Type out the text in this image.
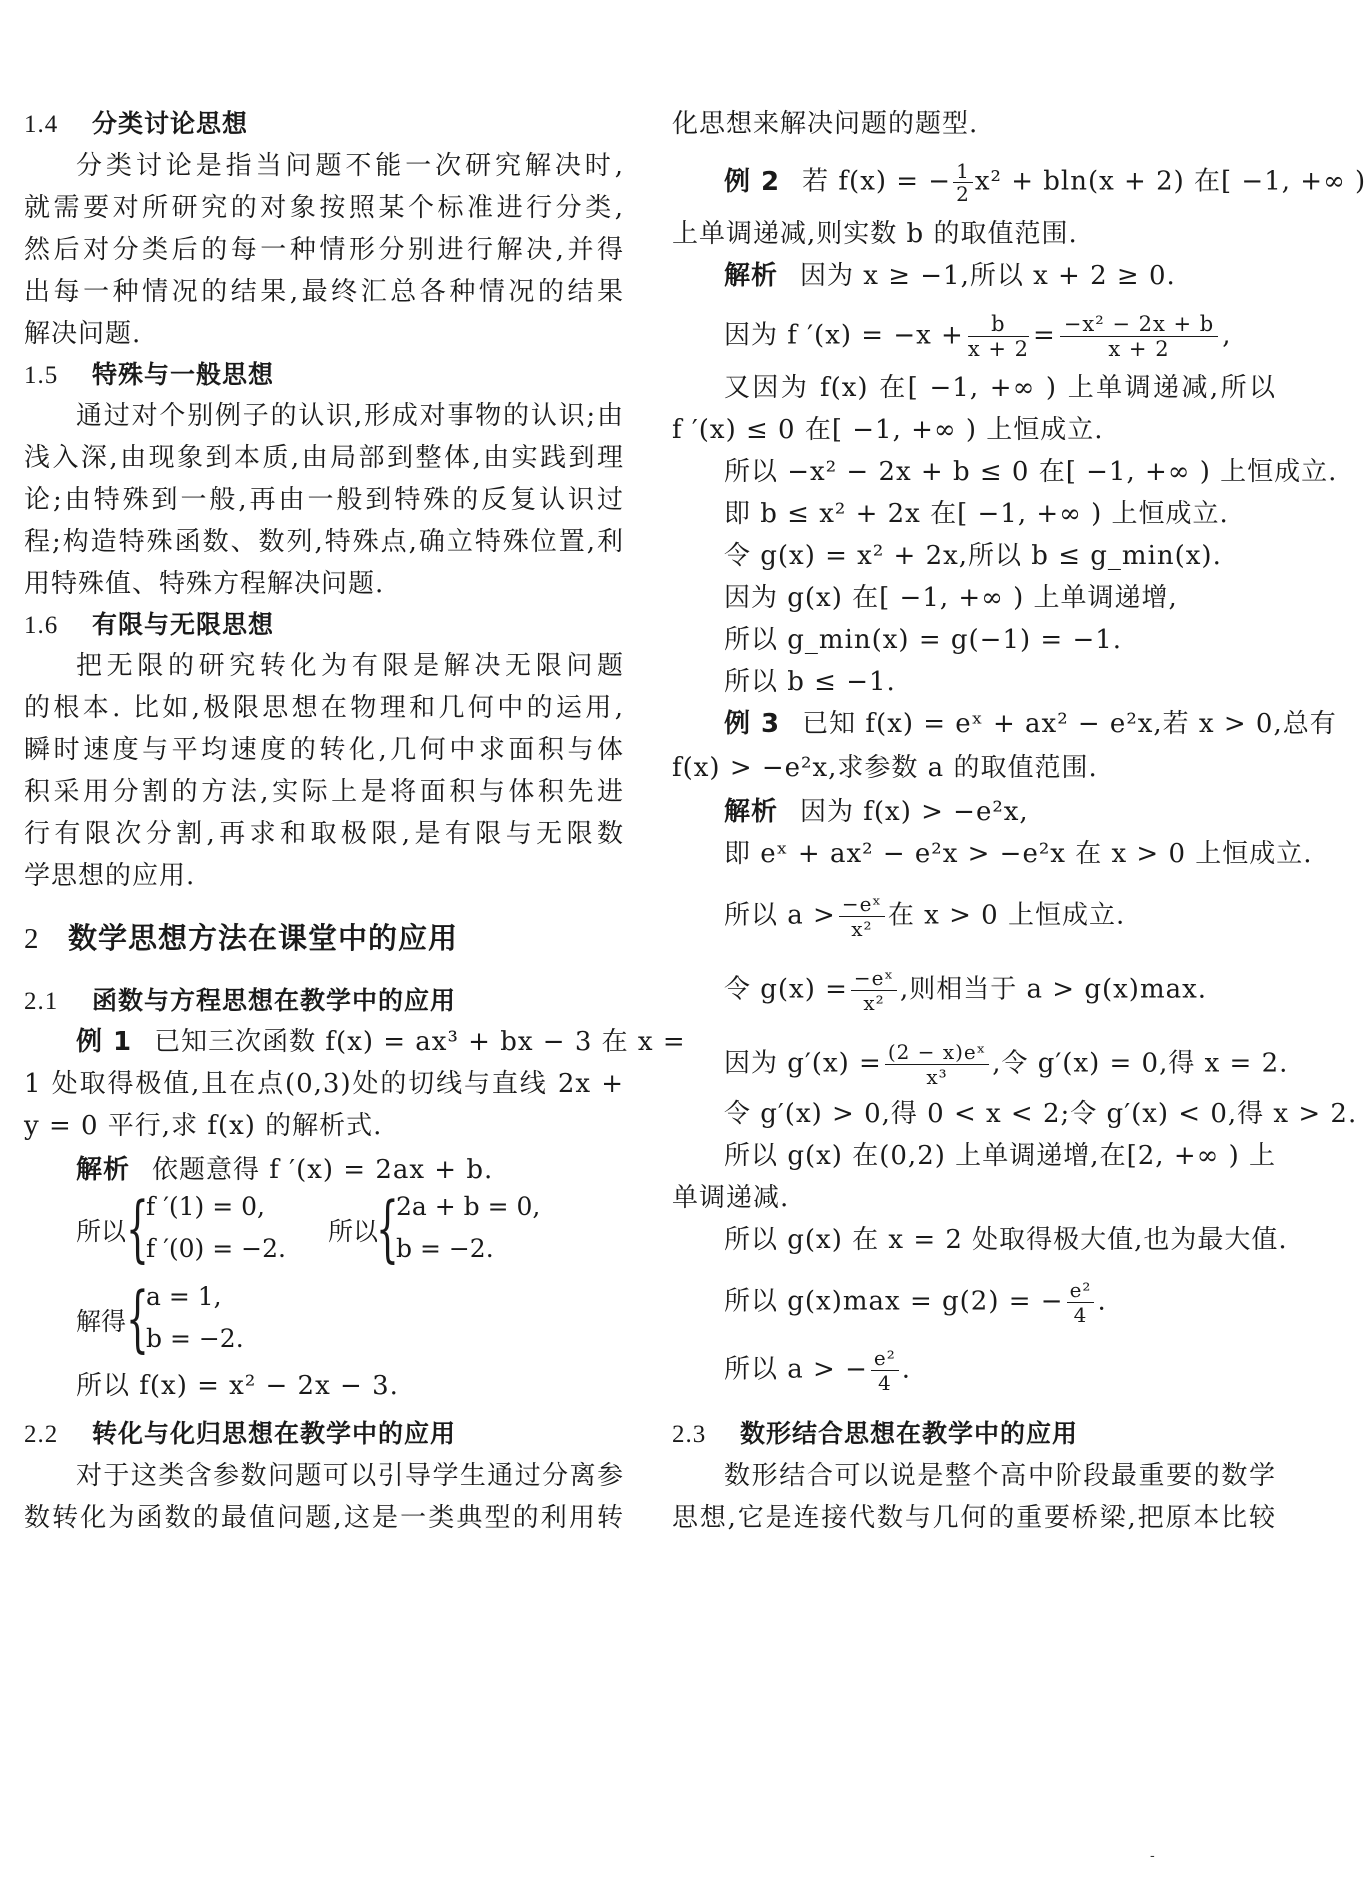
1.4 分类讨论思想
分类讨论是指当问题不能一次研究解决时,
就需要对所研究的对象按照某个标准进行分类,
然后对分类后的每一种情形分别进行解决,并得
出每一种情况的结果,最终汇总各种情况的结果
解决问题.
1.5 特殊与一般思想
通过对个别例子的认识,形成对事物的认识;由
浅入深,由现象到本质,由局部到整体,由实践到理
论;由特殊到一般,再由一般到特殊的反复认识过
程;构造特殊函数、数列,特殊点,确立特殊位置,利
用特殊值、特殊方程解决问题.
1.6 有限与无限思想
把无限的研究转化为有限是解决无限问题
的根本. 比如,极限思想在物理和几何中的运用,
瞬时速度与平均速度的转化,几何中求面积与体
积采用分割的方法,实际上是将面积与体积先进
行有限次分割,再求和取极限,是有限与无限数
学思想的应用.
2 数学思想方法在课堂中的应用
2.1 函数与方程思想在教学中的应用
例 1 已知三次函数 f(x) = ax³ + bx − 3 在 x =
1 处取得极值,且在点(0,3)处的切线与直线 2x +
y = 0 平行,求 f(x) 的解析式.
解析 依题意得 f ′(x) = 2ax + b.
所以 {
f ′(1) = 0,
f ′(0) = −2.
所以
{
2a + b = 0,
b = −2.
解得 {
a = 1,
b = −2.
所以 f(x) = x² − 2x − 3.
2.2 转化与化归思想在教学中的应用
对于这类含参数问题可以引导学生通过分离参
数转化为函数的最值问题,这是一类典型的利用转
化思想来解决问题的题型.
例 2 若 f(x) = − $\frac{1}{2} x^2 + bln(x + 2)$ 在[ −1, +∞ )
上单调递减,则实数 b 的取值范围.
解析 因为 x ≥ −1,所以 x + 2 ≥ 0.
因为 f $'(x) = -x + \frac{b}{x + 2} = \frac{\text{−x² − 2x + b}}{x + 2}$ ,
又因为 f(x) 在[ −1, +∞ ) 上单调递减,所以
f ′(x) ≤ 0 在[ −1, +∞ ) 上恒成立.
所以 −x² − 2x + b ≤ 0 在[ −1, +∞ ) 上恒成立.
即 b ≤ x² + 2x 在[ −1, +∞ ) 上恒成立.
令 g(x) = x² + 2x,所以 b ≤ g_min(x).
因为 g(x) 在[ −1, +∞ ) 上单调递增,
所以 g_min(x) = g(−1) = −1.
所以 b ≤ −1.
例 3 已知 f(x) = eˣ + ax² − e²x,若 x > 0,总有
f(x) > −e²x,求参数 a 的取值范围.
解析 因为 f(x) > −e²x,
即 eˣ + ax² − e²x > −e²x 在 x > 0 上恒成立.
所以 $a > \frac{\text{−eˣ}}{\text{x²}}$ 在 x > 0 上恒成立.
令 $g(x) = \frac{\text{−eˣ}}{\text{x²}}$ ,则相当于 a > g(x)max.
因为 $g'(x) = \frac{\text{(2 − x)eˣ}}{\text{x³}}$ ,令 g′(x) = 0,得 x = 2.
令 g′(x) > 0,得 0 < x < 2;令 g′(x) < 0,得 x > 2.
所以 g(x) 在(0,2) 上单调递增,在[2, +∞ ) 上
单调递减.
所以 g(x) 在 x = 2 处取得极大值,也为最大值.
所以 g(x)max = g(2) = − $\frac{\text{e²}}{4}$ .
所以 a > − $\frac{\text{e²}}{4}$ .
2.3 数形结合思想在教学中的应用
数形结合可以说是整个高中阶段最重要的数学
思想,它是连接代数与几何的重要桥梁,把原本比较
-
